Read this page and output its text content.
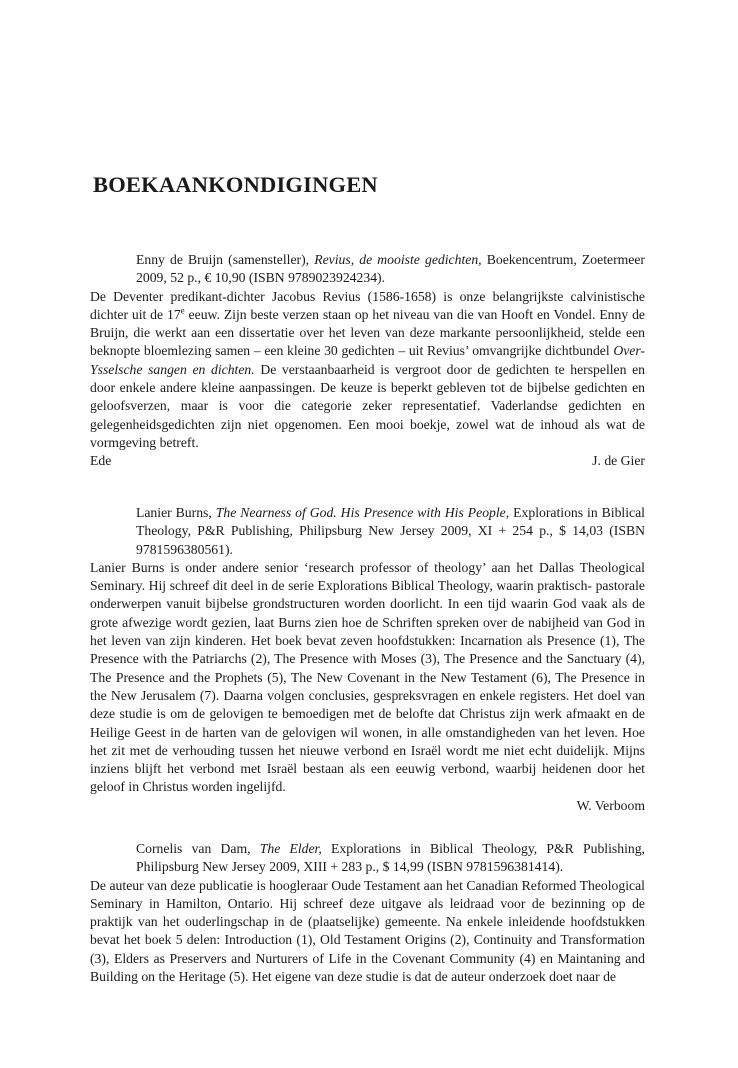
BOEKAANKONDIGINGEN
Enny de Bruijn (samensteller), Revius, de mooiste gedichten, Boekencentrum, Zoetermeer 2009, 52 p., € 10,90 (ISBN 9789023924234).

De Deventer predikant-dichter Jacobus Revius (1586-1658) is onze belangrijkste calvinistische dichter uit de 17e eeuw. Zijn beste verzen staan op het niveau van die van Hooft en Vondel. Enny de Bruijn, die werkt aan een dissertatie over het leven van deze markante persoonlijkheid, stelde een beknopte bloemlezing samen – een kleine 30 gedichten – uit Revius’ omvangrijke dichtbundel Over-Ysselsche sangen en dichten. De verstaanbaarheid is vergroot door de gedichten te herspellen en door enkele andere kleine aanpassingen. De keuze is beperkt gebleven tot de bijbelse gedichten en geloofsverzen, maar is voor die categorie zeker representatief. Vaderlandse gedichten en gelegenheidsgedichten zijn niet opgenomen. Een mooi boekje, zowel wat de inhoud als wat de vormgeving betreft.

Ede	J. de Gier
Lanier Burns, The Nearness of God. His Presence with His People, Explorations in Biblical Theology, P&R Publishing, Philipsburg New Jersey 2009, XI + 254 p., $ 14,03 (ISBN 9781596380561).

Lanier Burns is onder andere senior ‘research professor of theology’ aan het Dallas Theological Seminary. Hij schreef dit deel in de serie Explorations Biblical Theology, waarin praktisch- pastorale onderwerpen vanuit bijbelse grondstructuren worden doorlicht. In een tijd waarin God vaak als de grote afwezige wordt gezien, laat Burns zien hoe de Schriften spreken over de nabijheid van God in het leven van zijn kinderen. Het boek bevat zeven hoofdstukken: Incarnation als Presence (1), The Presence with the Patriarchs (2), The Presence with Moses (3), The Presence and the Sanctuary (4), The Presence and the Prophets (5), The New Covenant in the New Testament (6), The Presence in the New Jerusalem (7). Daarna volgen conclusies, gespreksvragen en enkele registers. Het doel van deze studie is om de gelovigen te bemoedigen met de belofte dat Christus zijn werk afmaakt en de Heilige Geest in de harten van de gelovigen wil wonen, in alle omstandigheden van het leven. Hoe het zit met de verhouding tussen het nieuwe verbond en Israël wordt me niet echt duidelijk. Mijns inziens blijft het verbond met Israël bestaan als een eeuwig verbond, waarbij heidenen door het geloof in Christus worden ingelijfd.

W. Verboom
Cornelis van Dam, The Elder, Explorations in Biblical Theology, P&R Publishing, Philipsburg New Jersey 2009, XIII + 283 p., $ 14,99 (ISBN 9781596381414).

De auteur van deze publicatie is hoogleraar Oude Testament aan het Canadian Reformed Theological Seminary in Hamilton, Ontario. Hij schreef deze uitgave als leidraad voor de bezinning op de praktijk van het ouderlingschap in de (plaatselijke) gemeente. Na enkele inleidende hoofdstukken bevat het boek 5 delen: Introduction (1), Old Testament Origins (2), Continuity and Transformation (3), Elders as Preservers and Nurturers of Life in the Covenant Community (4) en Maintaning and Building on the Heritage (5). Het eigene van deze studie is dat de auteur onderzoek doet naar de
